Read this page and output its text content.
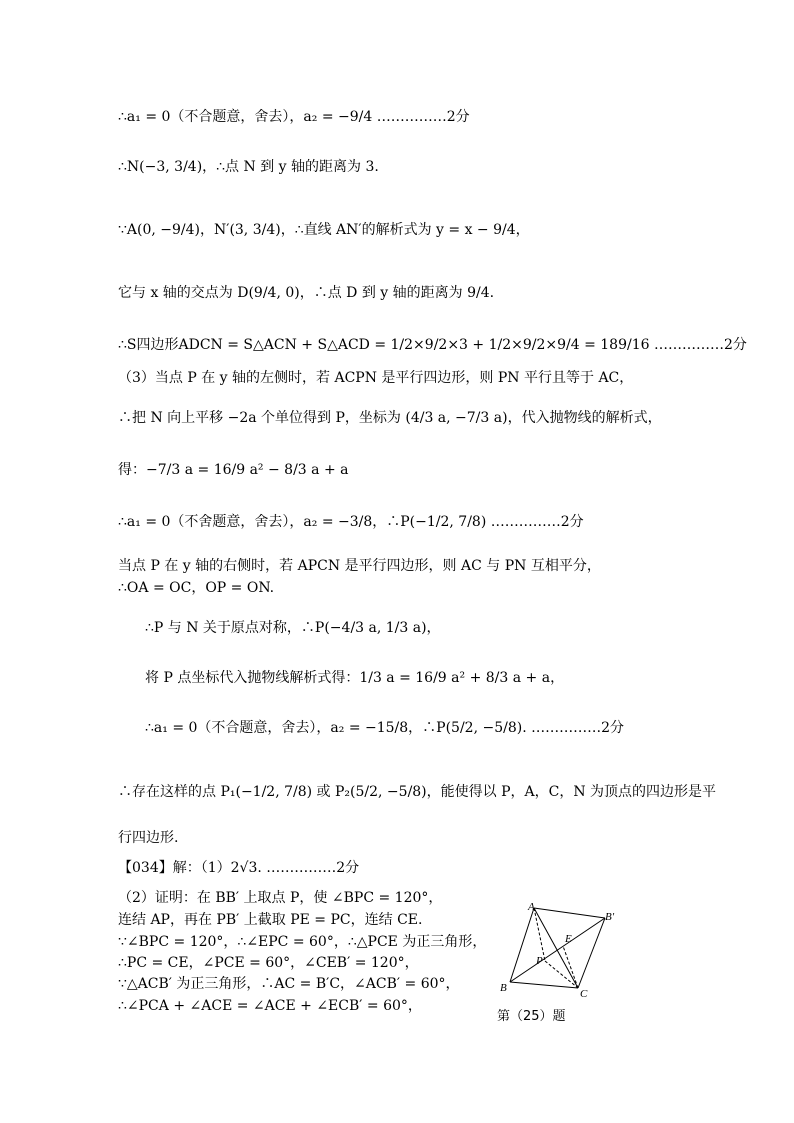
∴a₁ = 0（不合题意，舍去），a₂ = −9/4 ……………2分
∴N(−3, 3/4)，∴点 N 到 y 轴的距离为 3.
∵A(0, −9/4)，N′(3, 3/4)，∴直线 AN′的解析式为 y = x − 9/4，
它与 x 轴的交点为 D(9/4, 0)，∴点 D 到 y 轴的距离为 9/4.
∴S四边形ADCN = S△ACN + S△ACD = 1/2×9/2×3 + 1/2×9/2×9/4 = 189/16 ……………2分
（3）当点 P 在 y 轴的左侧时，若 ACPN 是平行四边形，则 PN 平行且等于 AC，
∴把 N 向上平移 −2a 个单位得到 P，坐标为 (4/3 a, −7/3 a)，代入抛物线的解析式，
得：−7/3 a = 16/9 a² − 8/3 a + a
∴a₁ = 0（不舍题意，舍去），a₂ = −3/8，∴P(−1/2, 7/8) ……………2分
当点 P 在 y 轴的右侧时，若 APCN 是平行四边形，则 AC 与 PN 互相平分，
∴OA = OC，OP = ON.
∴P 与 N 关于原点对称，∴P(−4/3 a, 1/3 a)，
将 P 点坐标代入抛物线解析式得：1/3 a = 16/9 a² + 8/3 a + a，
∴a₁ = 0（不合题意，舍去），a₂ = −15/8，∴P(5/2, −5/8). ……………2分
∴存在这样的点 P₁(−1/2, 7/8) 或 P₂(5/2, −5/8)，能使得以 P，A，C，N 为顶点的四边形是平
行四边形.
【034】解：（1）2√3. ……………2分
（2）证明：在 BB′ 上取点 P，使 ∠BPC = 120°，
连结 AP，再在 PB′ 上截取 PE = PC，连结 CE.
∵∠BPC = 120°，∴∠EPC = 60°，∴△PCE 为正三角形，
∴PC = CE，∠PCE = 60°，∠CEB′ = 120°，
∵△ACB′ 为正三角形，∴AC = B′C，∠ACB′ = 60°，
∴∠PCA + ∠ACE = ∠ACE + ∠ECB′ = 60°，
A
B′
B	C
E
P
第（25）题
